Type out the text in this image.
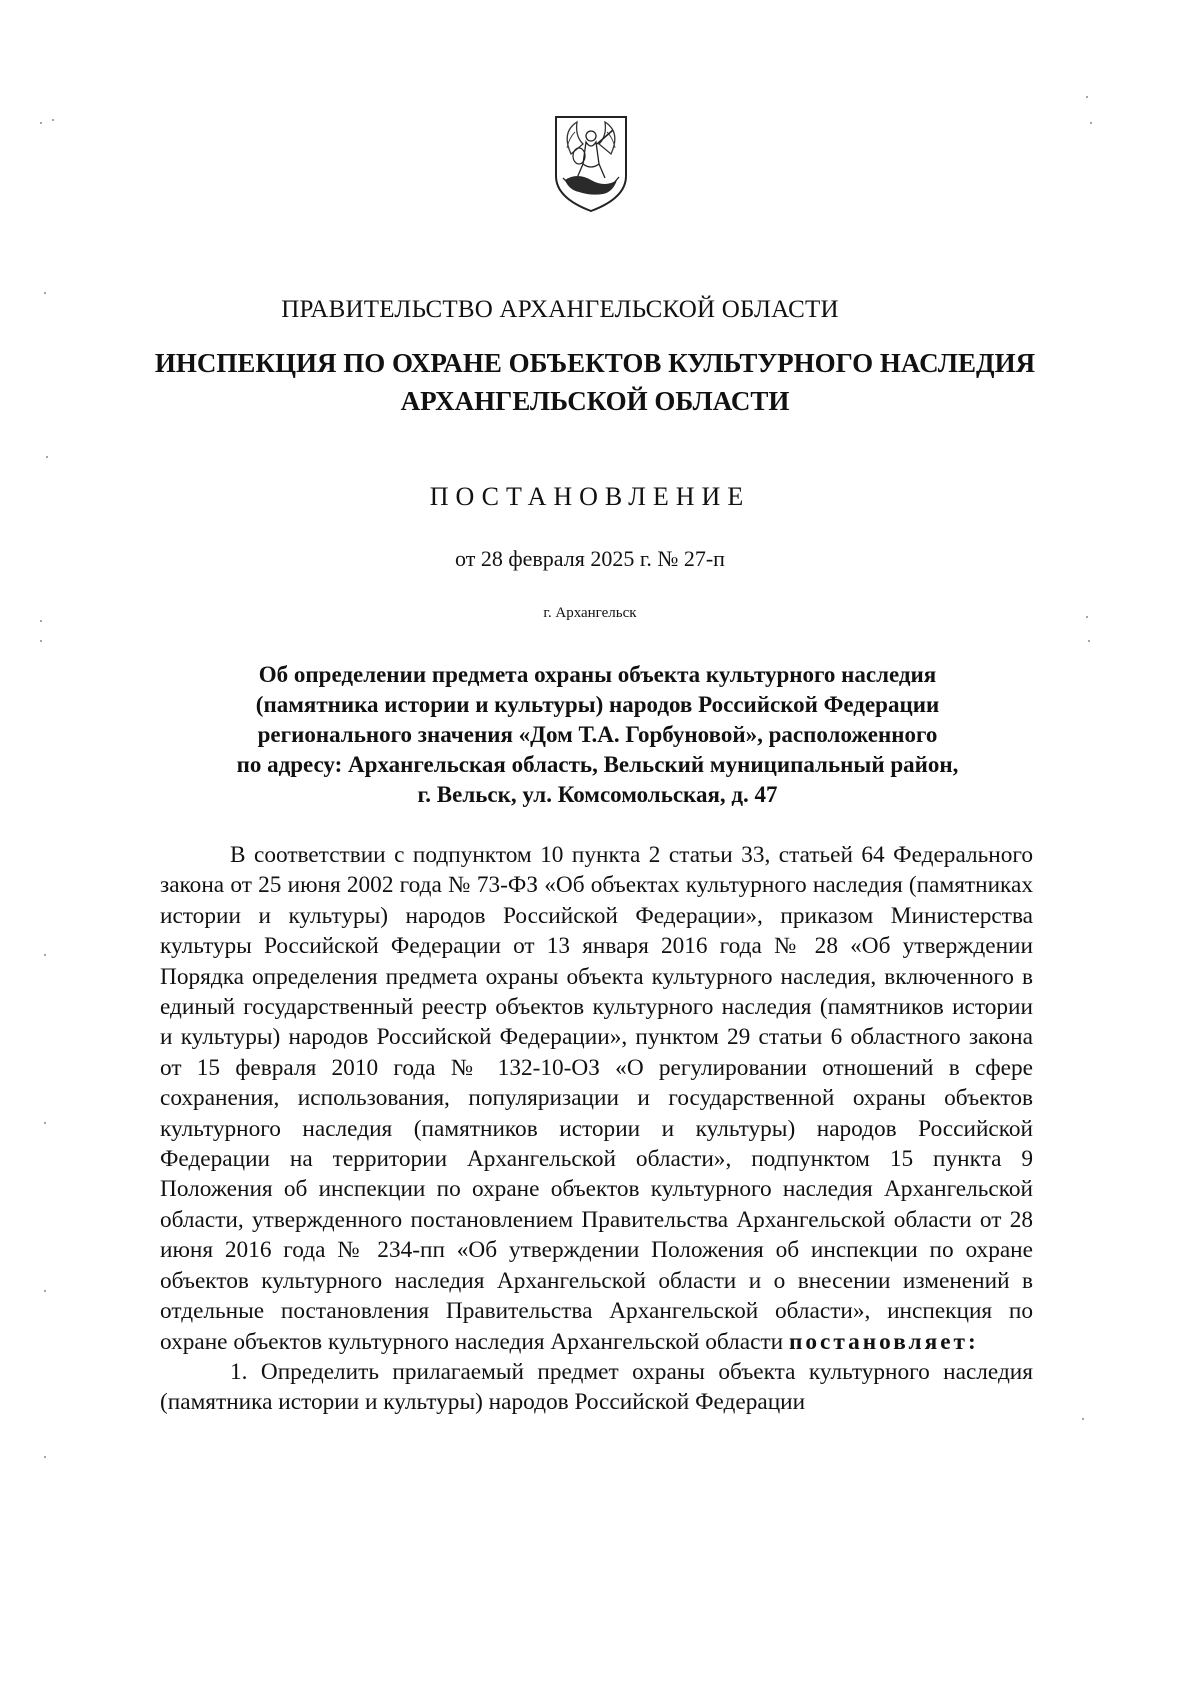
ПРАВИТЕЛЬСТВО АРХАНГЕЛЬСКОЙ ОБЛАСТИ
ИНСПЕКЦИЯ ПО ОХРАНЕ ОБЪЕКТОВ КУЛЬТУРНОГО НАСЛЕДИЯ
АРХАНГЕЛЬСКОЙ ОБЛАСТИ
ПОСТАНОВЛЕНИЕ
от 28 февраля 2025 г. № 27-п
г. Архангельск
Об определении предмета охраны объекта культурного наследия
(памятника истории и культуры) народов Российской Федерации
регионального значения «Дом Т.А. Горбуновой», расположенного
по адресу: Архангельская область, Вельский муниципальный район,
г. Вельск, ул. Комсомольская, д. 47

В соответствии с подпунктом 10 пункта 2 статьи 33, статьей 64 Федерального закона от 25 июня 2002 года № 73-ФЗ «Об объектах культурного наследия (памятниках истории и культуры) народов Российской Федерации», приказом Министерства культуры Российской Федерации от 13 января 2016 года № 28 «Об утверждении Порядка определения предмета охраны объекта культурного наследия, включенного в единый государственный реестр объектов культурного наследия (памятников истории и культуры) народов Российской Федерации», пунктом 29 статьи 6 областного закона от 15 февраля 2010 года № 132-10-ОЗ «О регулировании отношений в сфере сохранения, использования, популяризации и государственной охраны объектов культурного наследия (памятников истории и культуры) народов Российской Федерации на территории Архангельской области», подпунктом 15 пункта 9 Положения об инспекции по охране объектов культурного наследия Архангельской области, утвержденного постановлением Правительства Архангельской области от 28 июня 2016 года № 234-пп «Об утверждении Положения об инспекции по охране объектов культурного наследия Архангельской области и о внесении изменений в отдельные постановления Правительства Архангельской области», инспекция по охране объектов культурного наследия Архангельской области постановляет:

1. Определить прилагаемый предмет охраны объекта культурного наследия (памятника истории и культуры) народов Российской Федерации
